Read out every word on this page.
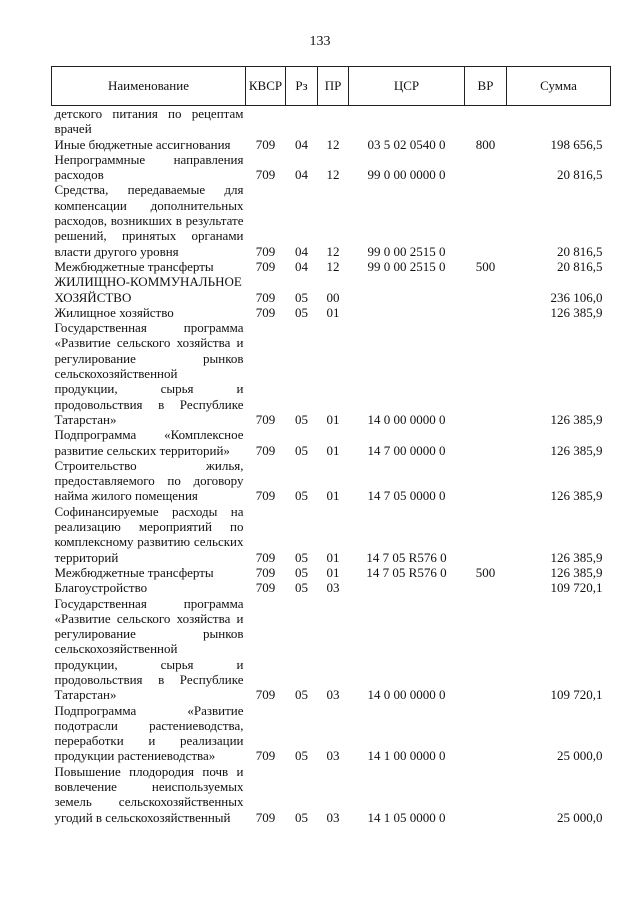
133
Наименование	КВСР	Рз	ПР	ЦСР	ВР	Сумма
детского питания по рецептам врачей						
Иные бюджетные ассигнования	709	04	12	03 5 02 0540 0	800	198 656,5
Непрограммные направления расходов	709	04	12	99 0 00 0000 0		20 816,5
Средства, передаваемые для компенсации дополнительных расходов, возникших в результате решений, принятых органами власти другого уровня	709	04	12	99 0 00 2515 0		20 816,5
Межбюджетные трансферты	709	04	12	99 0 00 2515 0	500	20 816,5
ЖИЛИЩНО-КОММУНАЛЬНОЕ ХОЗЯЙСТВО	709	05	00			236 106,0
Жилищное хозяйство	709	05	01			126 385,9
Государственная программа «Развитие сельского хозяйства и регулирование рынков сельскохозяйственной продукции, сырья и продовольствия в Республике Татарстан»	709	05	01	14 0 00 0000 0		126 385,9
Подпрограмма «Комплексное развитие сельских территорий»	709	05	01	14 7 00 0000 0		126 385,9
Строительство жилья, предоставляемого по договору найма жилого помещения	709	05	01	14 7 05 0000 0		126 385,9
Софинансируемые расходы на реализацию мероприятий по комплексному развитию сельских территорий	709	05	01	14 7 05 R576 0		126 385,9
Межбюджетные трансферты	709	05	01	14 7 05 R576 0	500	126 385,9
Благоустройство	709	05	03			109 720,1
Государственная программа «Развитие сельского хозяйства и регулирование рынков сельскохозяйственной продукции, сырья и продовольствия в Республике Татарстан»	709	05	03	14 0 00 0000 0		109 720,1
Подпрограмма «Развитие подотрасли растениеводства, переработки и реализации продукции растениеводства»	709	05	03	14 1 00 0000 0		25 000,0
Повышение плодородия почв и вовлечение неиспользуемых земель сельскохозяйственных угодий в сельскохозяйственный	709	05	03	14 1 05 0000 0		25 000,0
